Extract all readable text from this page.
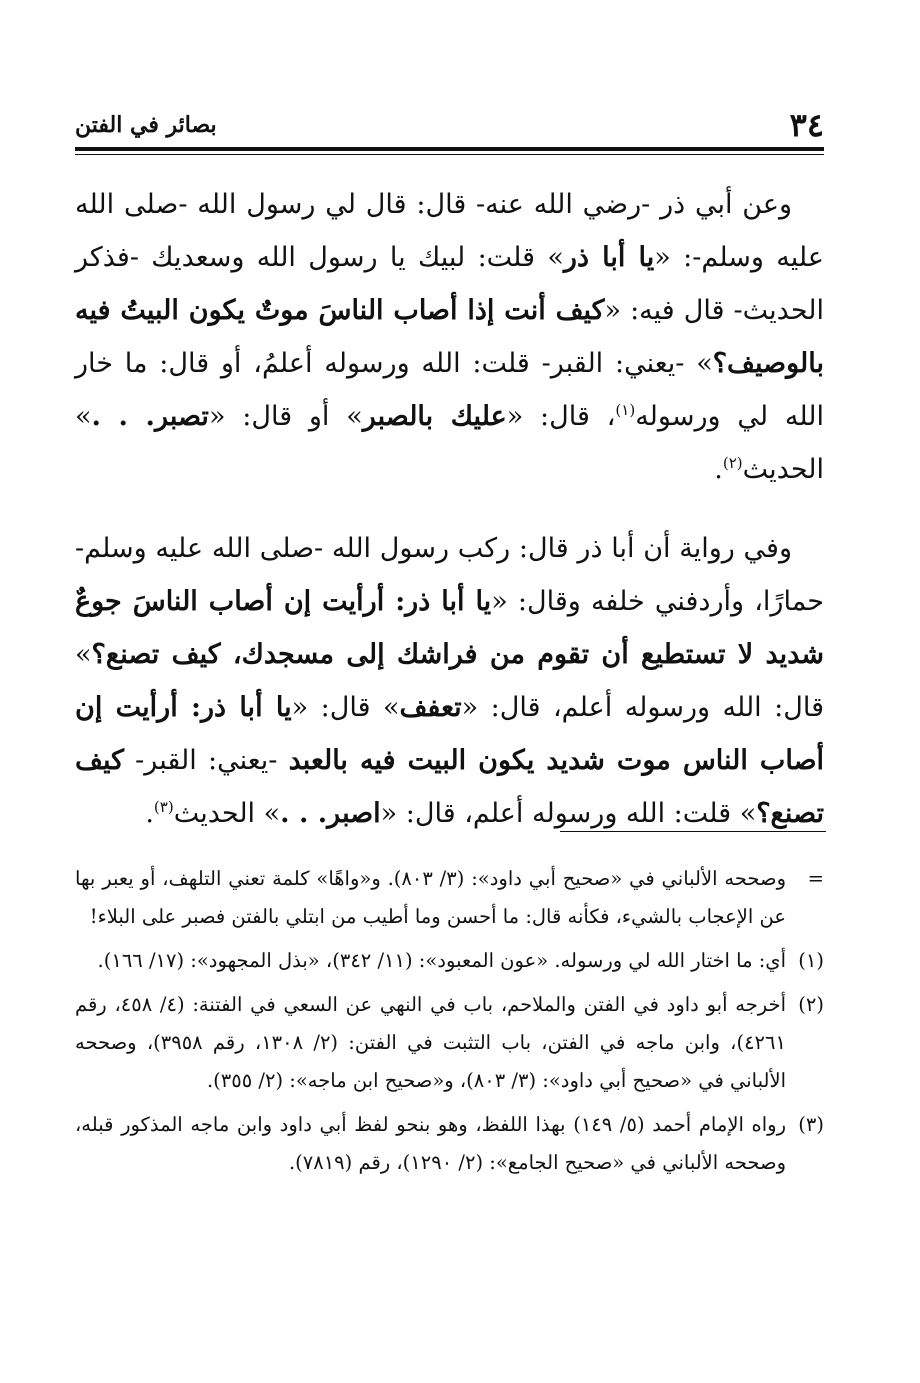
٣٤
بصائر في الفتن

وعن أبي ذر -رضي الله عنه- قال: قال لي رسول الله -صلى الله عليه وسلم-: «يا أبا ذر» قلت: لبيك يا رسول الله وسعديك -فذكر الحديث- قال فيه: «كيف أنت إذا أصاب الناسَ موتٌ يكون البيتُ فيه بالوصيف؟» -يعني: القبر- قلت: الله ورسوله أعلمُ، أو قال: ما خار الله لي ورسوله$^{(١)}$، قال: «عليك بالصبر» أو قال: «تصبر. . .» الحديث$^{(٢)}$.

وفي رواية أن أبا ذر قال: ركب رسول الله -صلى الله عليه وسلم- حمارًا، وأردفني خلفه وقال: «يا أبا ذر: أرأيت إن أصاب الناسَ جوعٌ شديد لا تستطيع أن تقوم من فراشك إلى مسجدك، كيف تصنع؟» قال: الله ورسوله أعلم، قال: «تعفف» قال: «يا أبا ذر: أرأيت إن أصاب الناس موت شديد يكون البيت فيه بالعبد -يعني: القبر- كيف تصنع؟» قلت: الله ورسوله أعلم، قال: «اصبر. . .» الحديث$^{(٣)}$.

=
وصححه الألباني في «صحيح أبي داود»: (٣/ ٨٠٣). و«واهًا» كلمة تعني التلهف، أو يعبر بها عن الإعجاب بالشيء، فكأنه قال: ما أحسن وما أطيب من ابتلي بالفتن فصبر على البلاء!

(١)
أي: ما اختار الله لي ورسوله. «عون المعبود»: (١١/ ٣٤٢)، «بذل المجهود»: (١٧/ ١٦٦).

(٢)
أخرجه أبو داود في الفتن والملاحم، باب في النهي عن السعي في الفتنة: (٤/ ٤٥٨، رقم ٤٢٦١)، وابن ماجه في الفتن، باب التثبت في الفتن: (٢/ ١٣٠٨، رقم ٣٩٥٨)، وصححه الألباني في «صحيح أبي داود»: (٣/ ٨٠٣)، و«صحيح ابن ماجه»: (٢/ ٣٥٥).

(٣)
رواه الإمام أحمد (٥/ ١٤٩) بهذا اللفظ، وهو بنحو لفظ أبي داود وابن ماجه المذكور قبله، وصححه الألباني في «صحيح الجامع»: (٢/ ١٢٩٠)، رقم (٧٨١٩).
